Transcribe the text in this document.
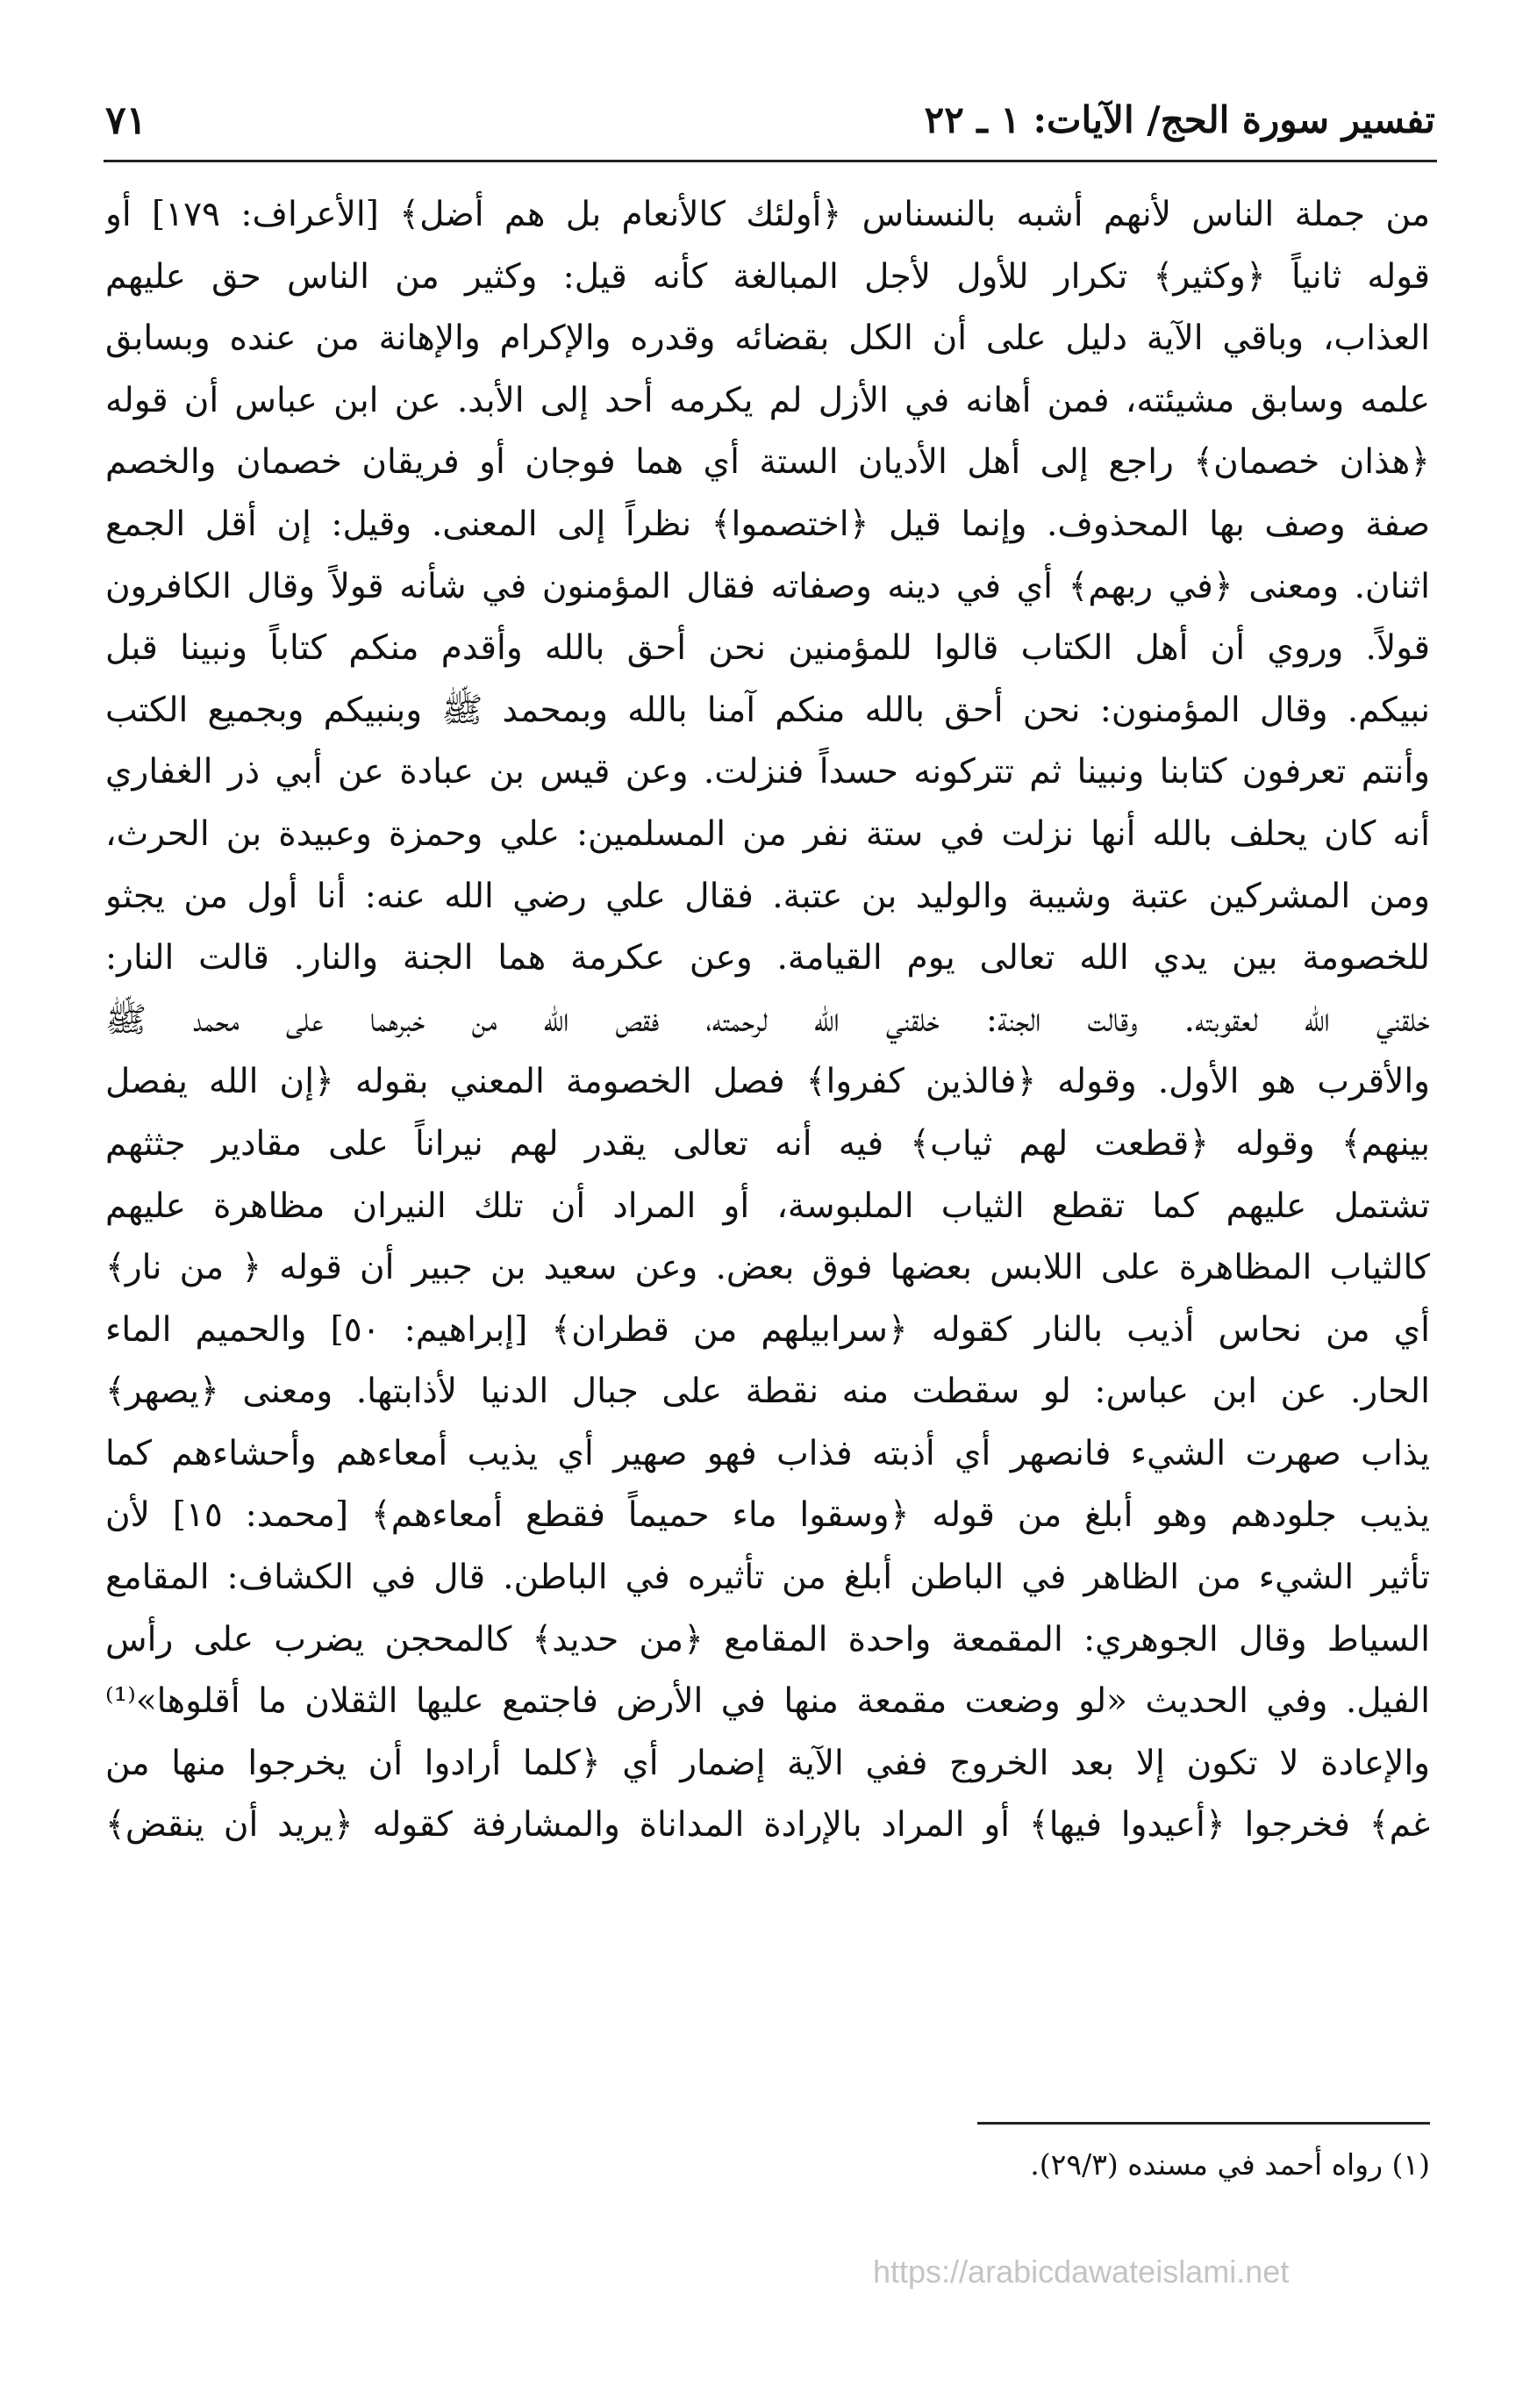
تفسير سورة الحج/ الآيات: ١ ـ ٢٢
٧١
من جملة الناس لأنهم أشبه بالنسناس ﴿أولئك كالأنعام بل هم أضل﴾ [الأعراف: ١٧٩] أو
قوله ثانياً ﴿وكثير﴾ تكرار للأول لأجل المبالغة كأنه قيل: وكثير من الناس حق عليهم
العذاب، وباقي الآية دليل على أن الكل بقضائه وقدره والإكرام والإهانة من عنده وبسابق
علمه وسابق مشيئته، فمن أهانه في الأزل لم يكرمه أحد إلى الأبد. عن ابن عباس أن قوله
﴿هذان خصمان﴾ راجع إلى أهل الأديان الستة أي هما فوجان أو فريقان خصمان والخصم
صفة وصف بها المحذوف. وإنما قيل ﴿اختصموا﴾ نظراً إلى المعنى. وقيل: إن أقل الجمع
اثنان. ومعنى ﴿في ربهم﴾ أي في دينه وصفاته فقال المؤمنون في شأنه قولاً وقال الكافرون
قولاً. وروي أن أهل الكتاب قالوا للمؤمنين نحن أحق بالله وأقدم منكم كتاباً ونبينا قبل
نبيكم. وقال المؤمنون: نحن أحق بالله منكم آمنا بالله وبمحمد ﷺ وبنبيكم وبجميع الكتب
وأنتم تعرفون كتابنا ونبينا ثم تتركونه حسداً فنزلت. وعن قيس بن عبادة عن أبي ذر الغفاري
أنه كان يحلف بالله أنها نزلت في ستة نفر من المسلمين: علي وحمزة وعبيدة بن الحرث،
ومن المشركين عتبة وشيبة والوليد بن عتبة. فقال علي رضي الله عنه: أنا أول من يجثو
للخصومة بين يدي الله تعالى يوم القيامة. وعن عكرمة هما الجنة والنار. قالت النار:
خلقني الله لعقوبته. وقالت الجنة: خلقني الله لرحمته، فقص الله من خبرهما على محمد ﷺ
والأقرب هو الأول. وقوله ﴿فالذين كفروا﴾ فصل الخصومة المعني بقوله ﴿إن الله يفصل
بينهم﴾ وقوله ﴿قطعت لهم ثياب﴾ فيه أنه تعالى يقدر لهم نيراناً على مقادير جثثهم
تشتمل عليهم كما تقطع الثياب الملبوسة، أو المراد أن تلك النيران مظاهرة عليهم
كالثياب المظاهرة على اللابس بعضها فوق بعض. وعن سعيد بن جبير أن قوله ﴿ من نار﴾
أي من نحاس أذيب بالنار كقوله ﴿سرابيلهم من قطران﴾ [إبراهيم: ٥٠] والحميم الماء
الحار. عن ابن عباس: لو سقطت منه نقطة على جبال الدنيا لأذابتها. ومعنى ﴿يصهر﴾
يذاب صهرت الشيء فانصهر أي أذبته فذاب فهو صهير أي يذيب أمعاءهم وأحشاءهم كما
يذيب جلودهم وهو أبلغ من قوله ﴿وسقوا ماء حميماً فقطع أمعاءهم﴾ [محمد: ١٥] لأن
تأثير الشيء من الظاهر في الباطن أبلغ من تأثيره في الباطن. قال في الكشاف: المقامع
السياط وقال الجوهري: المقمعة واحدة المقامع ﴿من حديد﴾ كالمحجن يضرب على رأس
الفيل. وفي الحديث «لو وضعت مقمعة منها في الأرض فاجتمع عليها الثقلان ما أقلوها»⁽¹⁾
والإعادة لا تكون إلا بعد الخروج ففي الآية إضمار أي ﴿كلما أرادوا أن يخرجوا منها من
غم﴾ فخرجوا ﴿أعيدوا فيها﴾ أو المراد بالإرادة المداناة والمشارفة كقوله ﴿يريد أن ينقض﴾
(١) رواه أحمد في مسنده (٢٩/٣).
https://arabicdawateislami.net
